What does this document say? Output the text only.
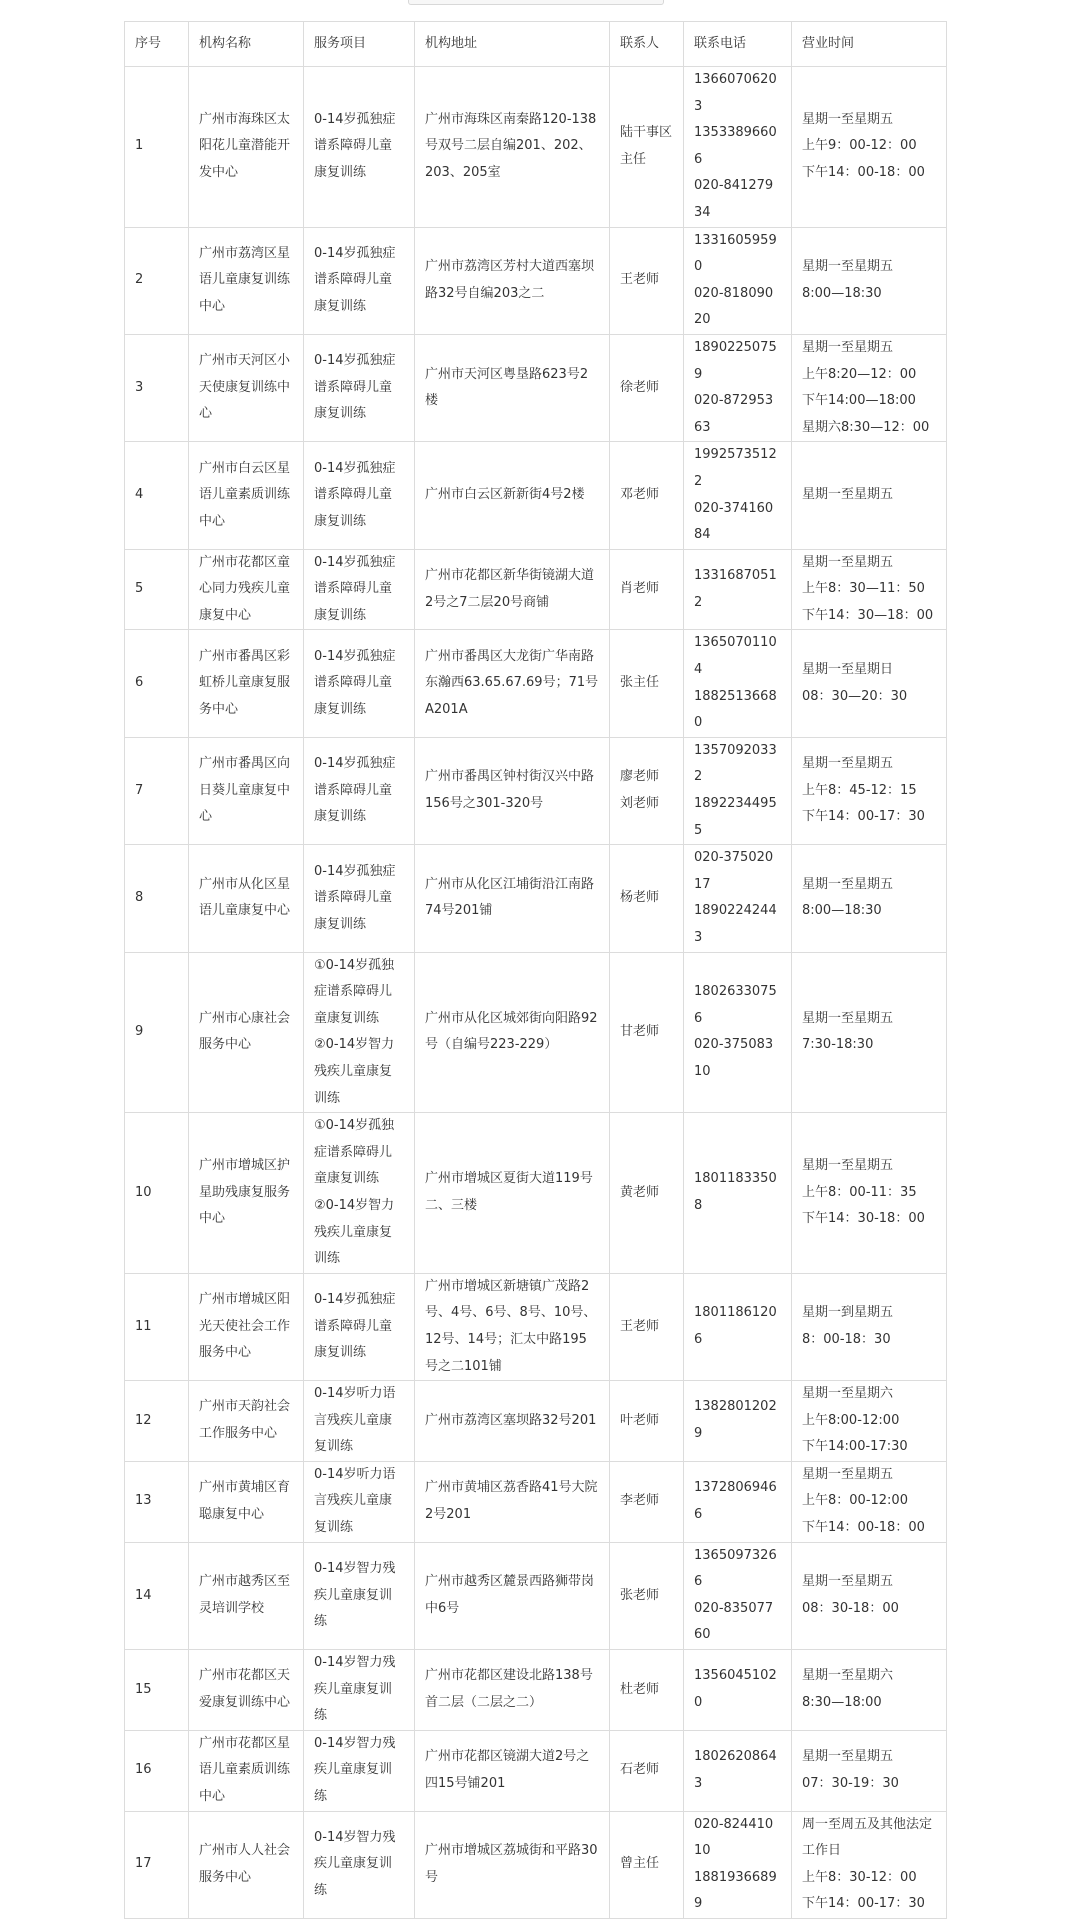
序号	机构名称	服务项目	机构地址	联系人	联系电话	营业时间
1	广州市海珠区太阳花儿童潜能开发中心	0-14岁孤独症谱系障碍儿童康复训练	广州市海珠区南秦路120-138号双号二层自编201、202、203、205室	陆干事区主任	13660706203
13533896606
020-84127934	星期一至星期五
上午9：00-12：00
下午14：00-18：00
2	广州市荔湾区星语儿童康复训练中心	0-14岁孤独症谱系障碍儿童康复训练	广州市荔湾区芳村大道西塞坝路32号自编203之二	王老师	13316059590
020-81809020	星期一至星期五
8:00—18:30
3	广州市天河区小天使康复训练中心	0-14岁孤独症谱系障碍儿童康复训练	广州市天河区粤垦路623号2楼	徐老师	18902250759
020-87295363	星期一至星期五
上午8:20—12：00
下午14:00—18:00
星期六8:30—12：00
4	广州市白云区星语儿童素质训练中心	0-14岁孤独症谱系障碍儿童康复训练	广州市白云区新新街4号2楼	邓老师	19925735122
020-37416084	星期一至星期五
5	广州市花都区童心同力残疾儿童康复中心	0-14岁孤独症谱系障碍儿童康复训练	广州市花都区新华街镜湖大道2号之7二层20号商铺	肖老师	13316870512	星期一至星期五
上午8：30—11：50
下午14：30—18：00
6	广州市番禺区彩虹桥儿童康复服务中心	0-14岁孤独症谱系障碍儿童康复训练	广州市番禺区大龙街广华南路东瀚西63.65.67.69号；71号A201A	张主任	13650701104
18825136680	星期一至星期日
08：30—20：30
7	广州市番禺区向日葵儿童康复中心	0-14岁孤独症谱系障碍儿童康复训练	广州市番禺区钟村街汉兴中路156号之301-320号	廖老师
刘老师	13570920332
18922344955	星期一至星期五
上午8：45-12：15
下午14：00-17：30
8	广州市从化区星语儿童康复中心	0-14岁孤独症谱系障碍儿童康复训练	广州市从化区江埔街沿江南路74号201铺	杨老师	020-37502017
18902242443	星期一至星期五
8:00—18:30
9	广州市心康社会服务中心	①0-14岁孤独症谱系障碍儿童康复训练　　②0-14岁智力残疾儿童康复训练	广州市从化区城郊街向阳路92号（自编号223-229）	甘老师	18026330756
020-37508310	星期一至星期五
7:30-18:30
10	广州市增城区护星助残康复服务中心	①0-14岁孤独症谱系障碍儿童康复训练　　②0-14岁智力残疾儿童康复训练	广州市增城区夏街大道119号二、三楼	黄老师	18011833508	星期一至星期五
上午8：00-11：35
下午14：30-18：00
11	广州市增城区阳光天使社会工作服务中心	0-14岁孤独症谱系障碍儿童康复训练	广州市增城区新塘镇广茂路2号、4号、6号、8号、10号、12号、14号；汇太中路195号之二101铺	王老师	18011861206	星期一到星期五
8：00-18：30
12	广州市天韵社会工作服务中心	0-14岁听力语言残疾儿童康复训练	广州市荔湾区塞坝路32号201	叶老师	13828012029	星期一至星期六
上午8:00-12:00
下午14:00-17:30
13	广州市黄埔区育聪康复中心	0-14岁听力语言残疾儿童康复训练	广州市黄埔区荔香路41号大院2号201	李老师	13728069466	星期一至星期五
上午8：00-12:00
下午14：00-18：00
14	广州市越秀区至灵培训学校	0-14岁智力残疾儿童康复训练	广州市越秀区麓景西路狮带岗中6号	张老师	13650973266
020-83507760	星期一至星期五
08：30-18：00
15	广州市花都区天爱康复训练中心	0-14岁智力残疾儿童康复训练	广州市花都区建设北路138号首二层（二层之二）	杜老师	13560451020	星期一至星期六
8:30—18:00
16	广州市花都区星语儿童素质训练中心	0-14岁智力残疾儿童康复训练	广州市花都区镜湖大道2号之四15号铺201	石老师	18026208643	星期一至星期五
07：30-19：30
17	广州市人人社会服务中心	0-14岁智力残疾儿童康复训练	广州市增城区荔城街和平路30号	曾主任	020-82441010
18819366899	周一至周五及其他法定工作日
上午8：30-12：00
下午14：00-17：30
